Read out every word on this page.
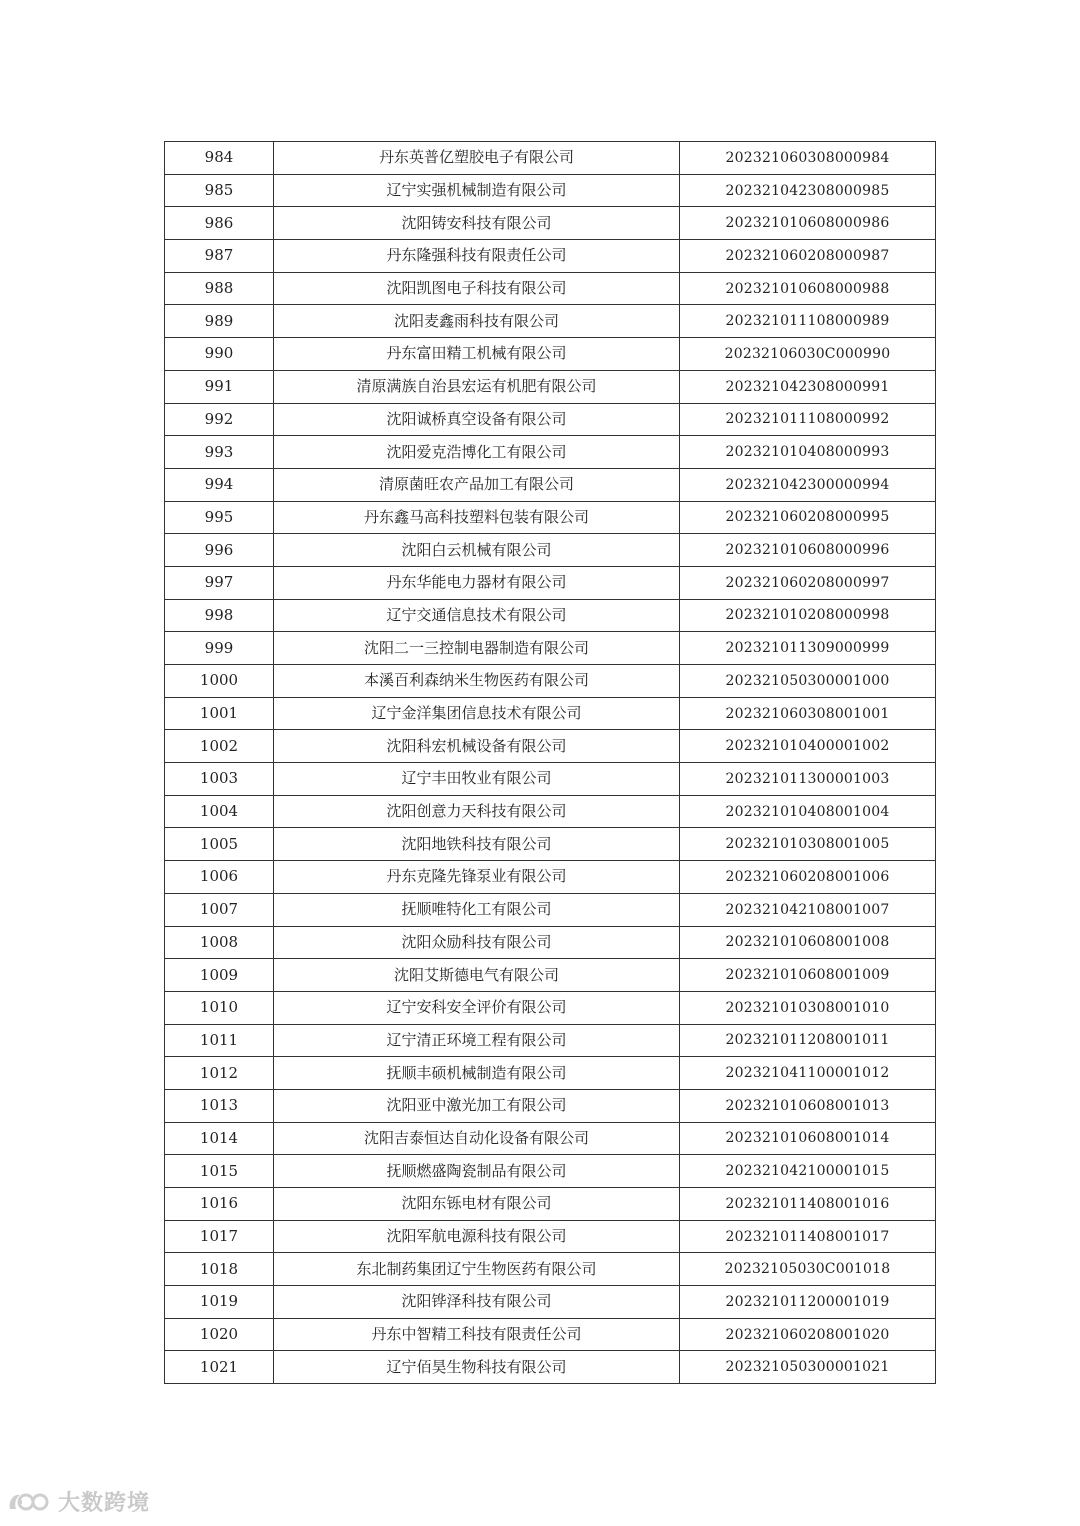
984	丹东英普亿塑胶电子有限公司	202321060308000984
985	辽宁实强机械制造有限公司	202321042308000985
986	沈阳铸安科技有限公司	202321010608000986
987	丹东隆强科技有限责任公司	202321060208000987
988	沈阳凯图电子科技有限公司	202321010608000988
989	沈阳麦鑫雨科技有限公司	202321011108000989
990	丹东富田精工机械有限公司	20232106030C000990
991	清原满族自治县宏运有机肥有限公司	202321042308000991
992	沈阳诚桥真空设备有限公司	202321011108000992
993	沈阳爱克浩博化工有限公司	202321010408000993
994	清原菌旺农产品加工有限公司	202321042300000994
995	丹东鑫马高科技塑料包装有限公司	202321060208000995
996	沈阳白云机械有限公司	202321010608000996
997	丹东华能电力器材有限公司	202321060208000997
998	辽宁交通信息技术有限公司	202321010208000998
999	沈阳二一三控制电器制造有限公司	202321011309000999
1000	本溪百利森纳米生物医药有限公司	202321050300001000
1001	辽宁金洋集团信息技术有限公司	202321060308001001
1002	沈阳科宏机械设备有限公司	202321010400001002
1003	辽宁丰田牧业有限公司	202321011300001003
1004	沈阳创意力天科技有限公司	202321010408001004
1005	沈阳地铁科技有限公司	202321010308001005
1006	丹东克隆先锋泵业有限公司	202321060208001006
1007	抚顺唯特化工有限公司	202321042108001007
1008	沈阳众励科技有限公司	202321010608001008
1009	沈阳艾斯德电气有限公司	202321010608001009
1010	辽宁安科安全评价有限公司	202321010308001010
1011	辽宁清正环境工程有限公司	202321011208001011
1012	抚顺丰硕机械制造有限公司	202321041100001012
1013	沈阳亚中激光加工有限公司	202321010608001013
1014	沈阳吉泰恒达自动化设备有限公司	202321010608001014
1015	抚顺燃盛陶瓷制品有限公司	202321042100001015
1016	沈阳东铄电材有限公司	202321011408001016
1017	沈阳军航电源科技有限公司	202321011408001017
1018	东北制药集团辽宁生物医药有限公司	20232105030C001018
1019	沈阳铧泽科技有限公司	202321011200001019
1020	丹东中智精工科技有限责任公司	202321060208001020
1021	辽宁佰昊生物科技有限公司	202321050300001021
大数跨境
